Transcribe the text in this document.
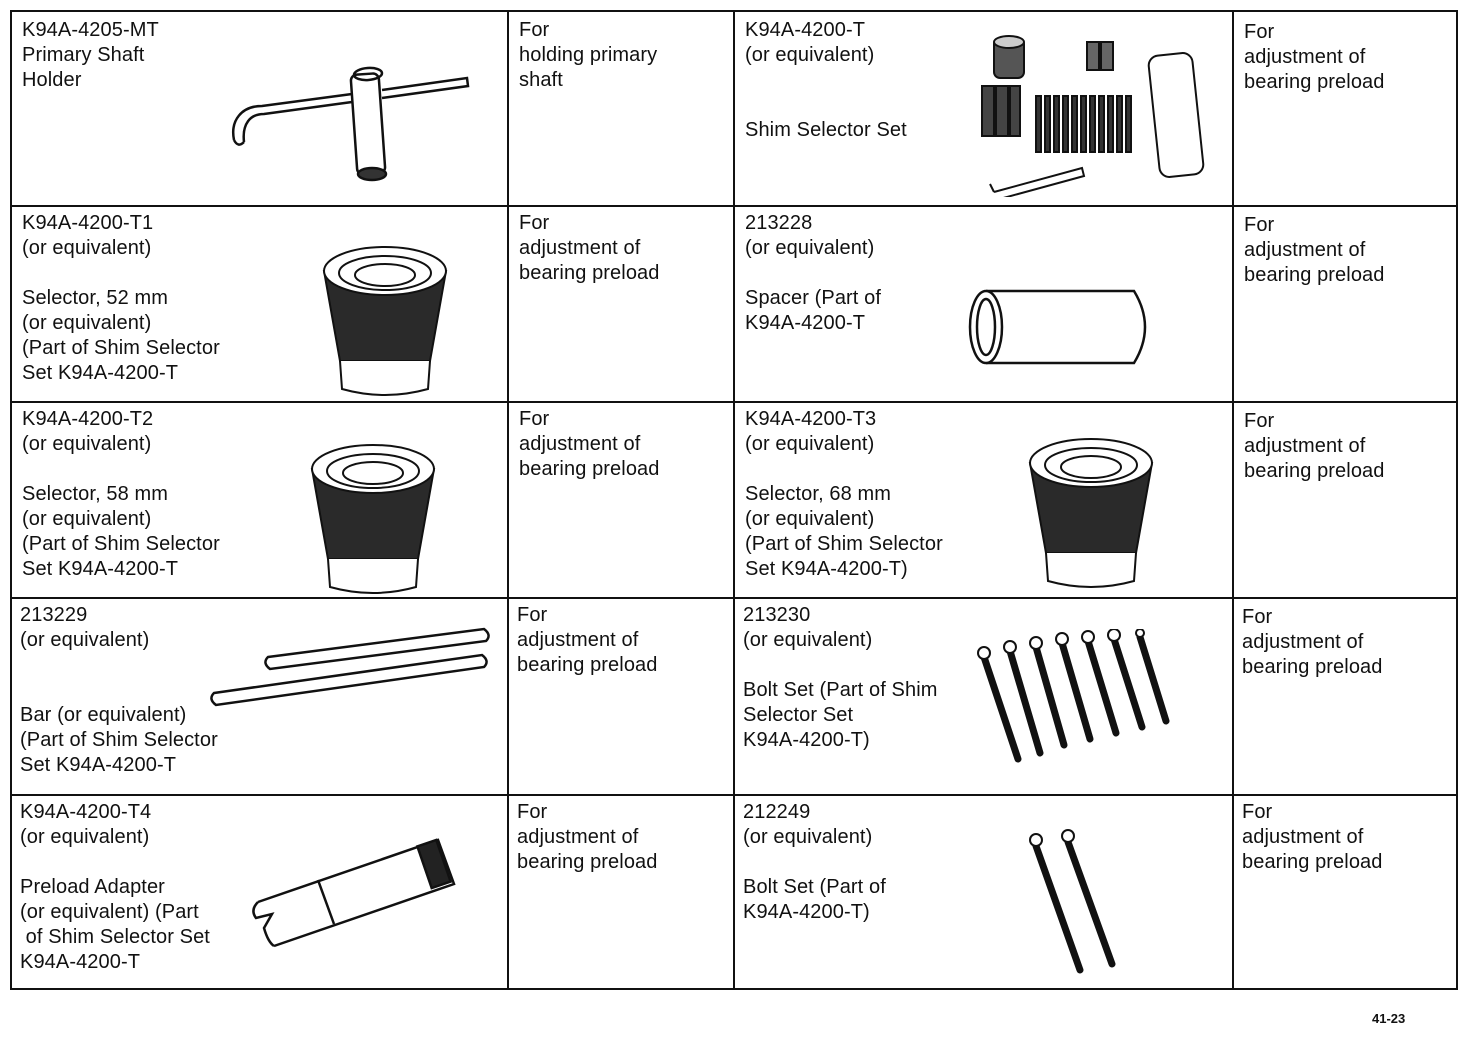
K94A-4205-MT
Primary Shaft
Holder
For
holding primary
shaft
K94A-4200-T
(or equivalent)
Shim Selector Set
For
adjustment of
bearing preload
K94A-4200-T1
(or equivalent)
Selector, 52 mm
(or equivalent)
(Part of Shim Selector
Set K94A-4200-T
For
adjustment of
bearing preload
213228
(or equivalent)
Spacer (Part of
K94A-4200-T
For
adjustment of
bearing preload
K94A-4200-T2
(or equivalent)
Selector, 58 mm
(or equivalent)
(Part of Shim Selector
Set K94A-4200-T
For
adjustment of
bearing preload
K94A-4200-T3
(or equivalent)
Selector, 68 mm
(or equivalent)
(Part of Shim Selector
Set K94A-4200-T)
For
adjustment of
bearing preload
213229
(or equivalent)
Bar (or equivalent)
(Part of Shim Selector
Set K94A-4200-T
For
adjustment of
bearing preload
213230
(or equivalent)
Bolt Set (Part of Shim
Selector Set
K94A-4200-T)
For
adjustment of
bearing preload
K94A-4200-T4
(or equivalent)
Preload Adapter
(or equivalent) (Part
of Shim Selector Set
K94A-4200-T
For
adjustment of
bearing preload
212249
(or equivalent)
Bolt Set (Part of
K94A-4200-T)
For
adjustment of
bearing preload
41-23
